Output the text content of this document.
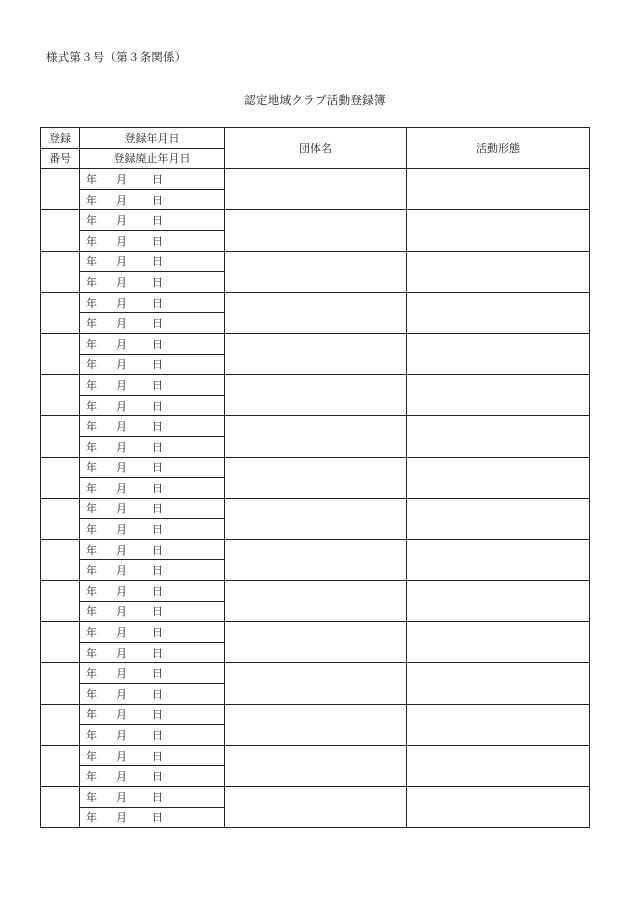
様式第３号（第３条関係）
認定地域クラブ活動登録簿
登録	登録年月日	団体名	活動形態
番号	登録廃止年月日		
	年 月 日		
	年 月 日		
	年 月 日		
	年 月 日		
	年 月 日		
	年 月 日		
	年 月 日		
	年 月 日		
	年 月 日		
	年 月 日		
	年 月 日		
	年 月 日		
	年 月 日		
	年 月 日		
	年 月 日		
	年 月 日		
	年 月 日		
	年 月 日		
	年 月 日		
	年 月 日		
	年 月 日		
	年 月 日		
	年 月 日		
	年 月 日		
	年 月 日		
	年 月 日		
	年 月 日		
	年 月 日		
	年 月 日		
	年 月 日		
	年 月 日		
	年 月 日		
